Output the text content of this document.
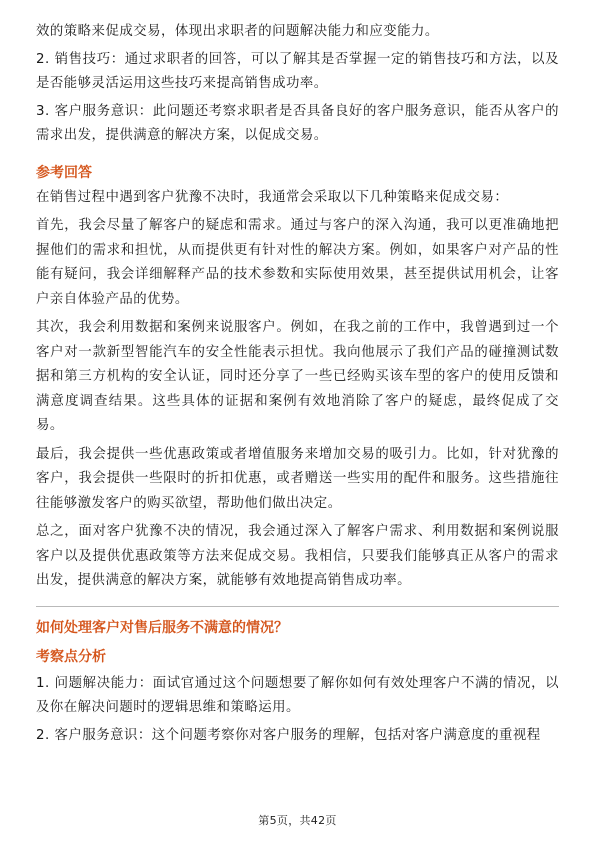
效的策略来促成交易，体现出求职者的问题解决能力和应变能力。

2. 销售技巧：通过求职者的回答，可以了解其是否掌握一定的销售技巧和方法，以及是否能够灵活运用这些技巧来提高销售成功率。

3. 客户服务意识：此问题还考察求职者是否具备良好的客户服务意识，能否从客户的需求出发，提供满意的解决方案，以促成交易。

参考回答

在销售过程中遇到客户犹豫不决时，我通常会采取以下几种策略来促成交易：

首先，我会尽量了解客户的疑虑和需求。通过与客户的深入沟通，我可以更准确地把握他们的需求和担忧，从而提供更有针对性的解决方案。例如，如果客户对产品的性能有疑问，我会详细解释产品的技术参数和实际使用效果，甚至提供试用机会，让客户亲自体验产品的优势。

其次，我会利用数据和案例来说服客户。例如，在我之前的工作中，我曾遇到过一个客户对一款新型智能汽车的安全性能表示担忧。我向他展示了我们产品的碰撞测试数据和第三方机构的安全认证，同时还分享了一些已经购买该车型的客户的使用反馈和满意度调查结果。这些具体的证据和案例有效地消除了客户的疑虑，最终促成了交易。

最后，我会提供一些优惠政策或者增值服务来增加交易的吸引力。比如，针对犹豫的客户，我会提供一些限时的折扣优惠，或者赠送一些实用的配件和服务。这些措施往往能够激发客户的购买欲望，帮助他们做出决定。

总之，面对客户犹豫不决的情况，我会通过深入了解客户需求、利用数据和案例说服客户以及提供优惠政策等方法来促成交易。我相信，只要我们能够真正从客户的需求出发，提供满意的解决方案，就能够有效地提高销售成功率。

如何处理客户对售后服务不满意的情况？
考察点分析

1. 问题解决能力：面试官通过这个问题想要了解你如何有效处理客户不满的情况，以及你在解决问题时的逻辑思维和策略运用。

2. 客户服务意识：这个问题考察你对客户服务的理解，包括对客户满意度的重视程

第5页，共42页
